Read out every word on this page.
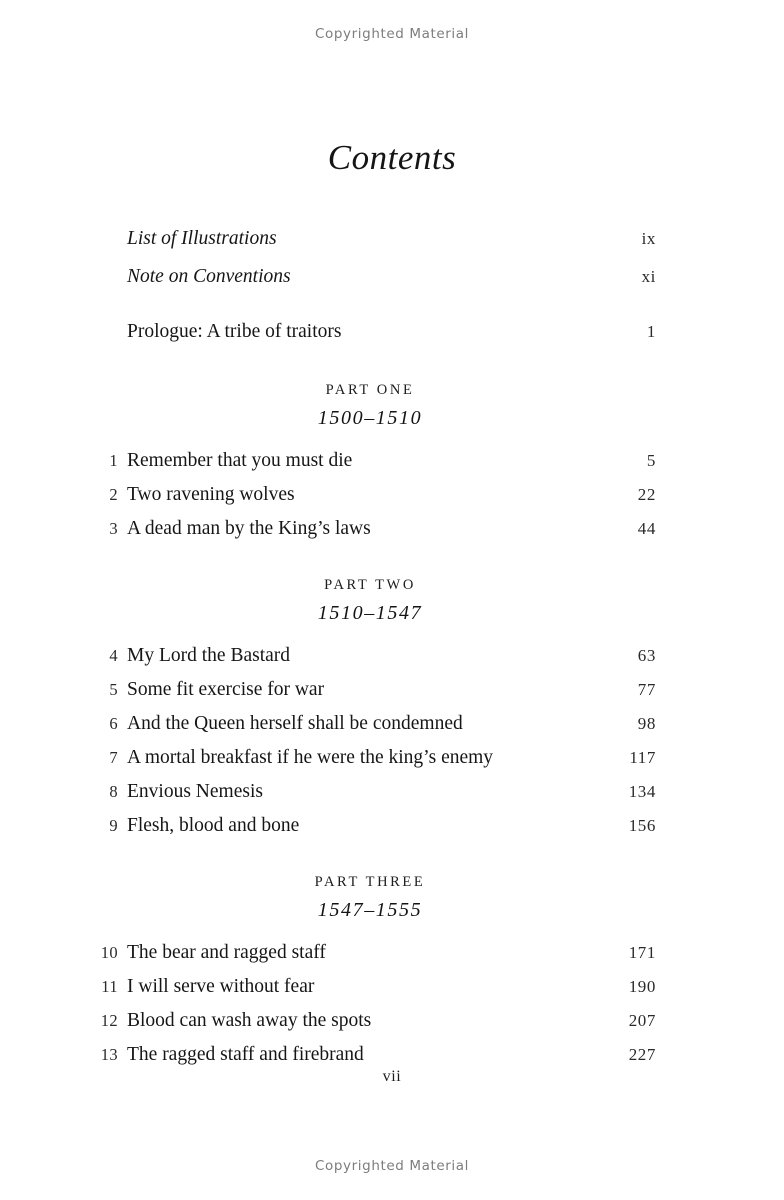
Copyrighted Material
Contents
List of Illustrations	ix
Note on Conventions	xi
Prologue: A tribe of traitors	1
PART ONE
1500–1510
1 Remember that you must die	5
2 Two ravening wolves	22
3 A dead man by the King’s laws	44
PART TWO
1510–1547
4 My Lord the Bastard	63
5 Some fit exercise for war	77
6 And the Queen herself shall be condemned	98
7 A mortal breakfast if he were the king’s enemy	117
8 Envious Nemesis	134
9 Flesh, blood and bone	156
PART THREE
1547–1555
10 The bear and ragged staff	171
11 I will serve without fear	190
12 Blood can wash away the spots	207
13 The ragged staff and firebrand	227
vii
Copyrighted Material
